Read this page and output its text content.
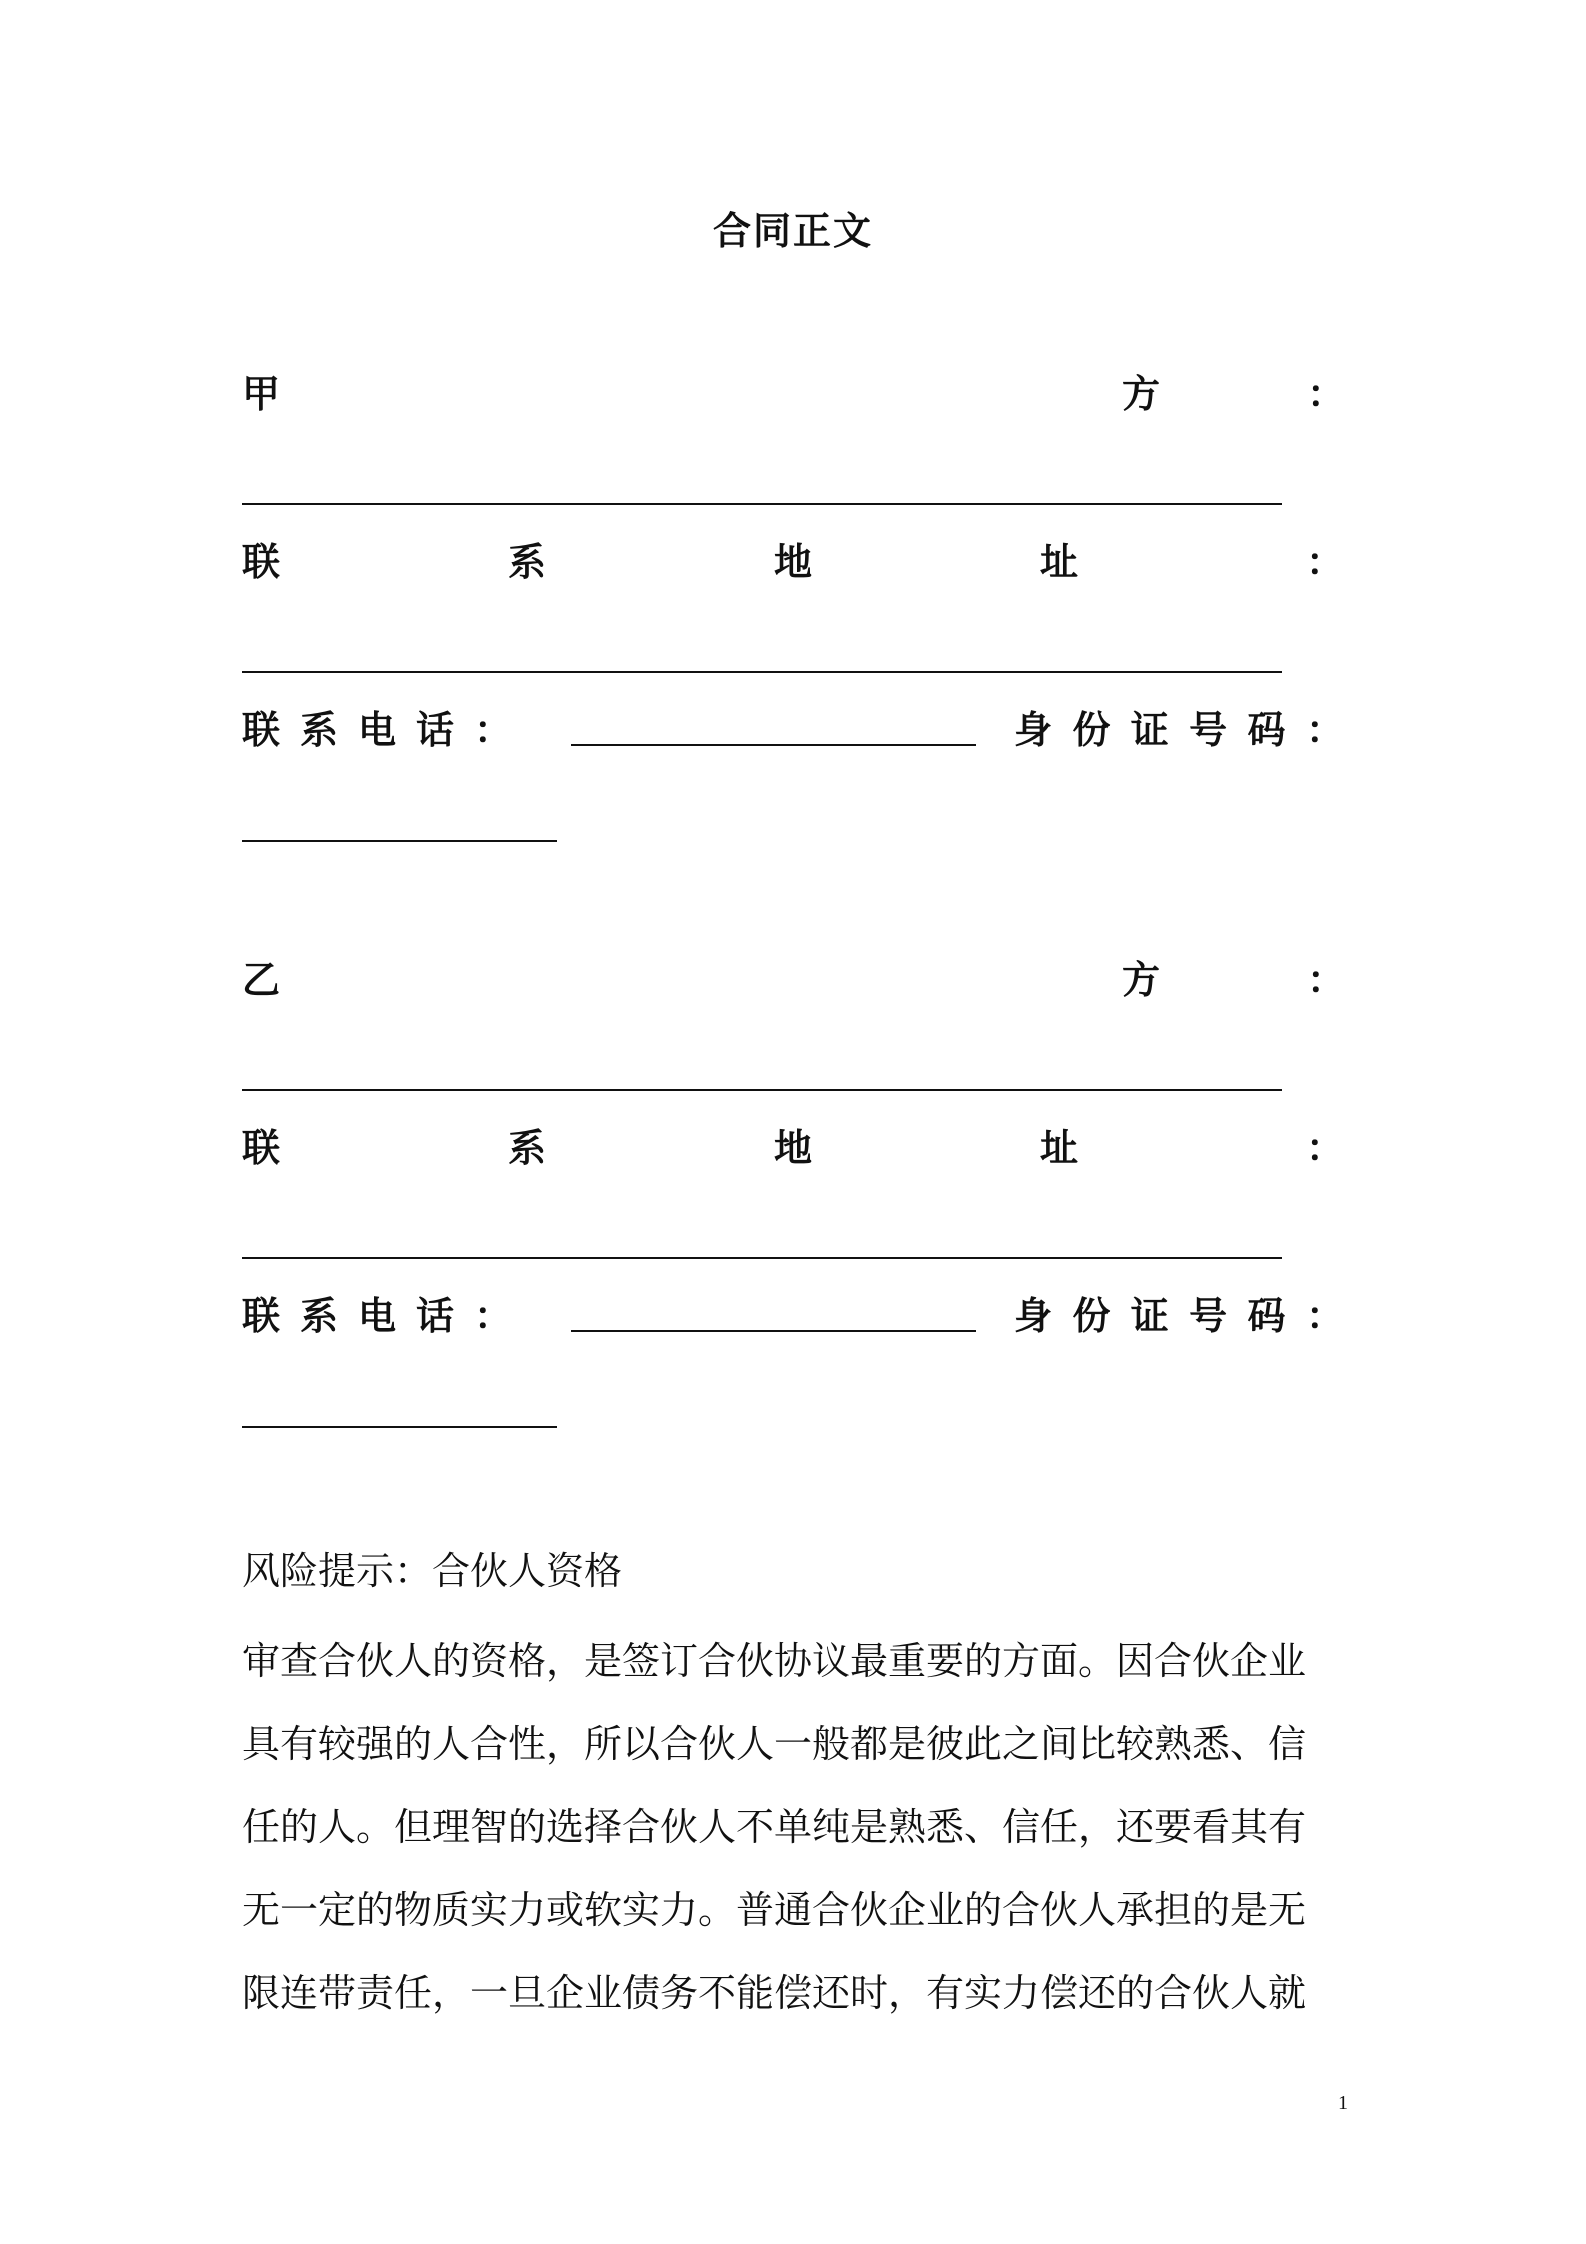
合同正文
甲	方	：
联	系	地	址	：
联系电话：	身 份 证 号 码 ：
乙	方	：
联	系	地	址	：
联系电话：	身 份 证 号 码 ：
风险提示：合伙人资格
审查合伙人的资格，是签订合伙协议最重要的方面。因合伙企业
具有较强的人合性，所以合伙人一般都是彼此之间比较熟悉、信
任的人。但理智的选择合伙人不单纯是熟悉、信任，还要看其有
无一定的物质实力或软实力。普通合伙企业的合伙人承担的是无
限连带责任，一旦企业债务不能偿还时，有实力偿还的合伙人就
1
